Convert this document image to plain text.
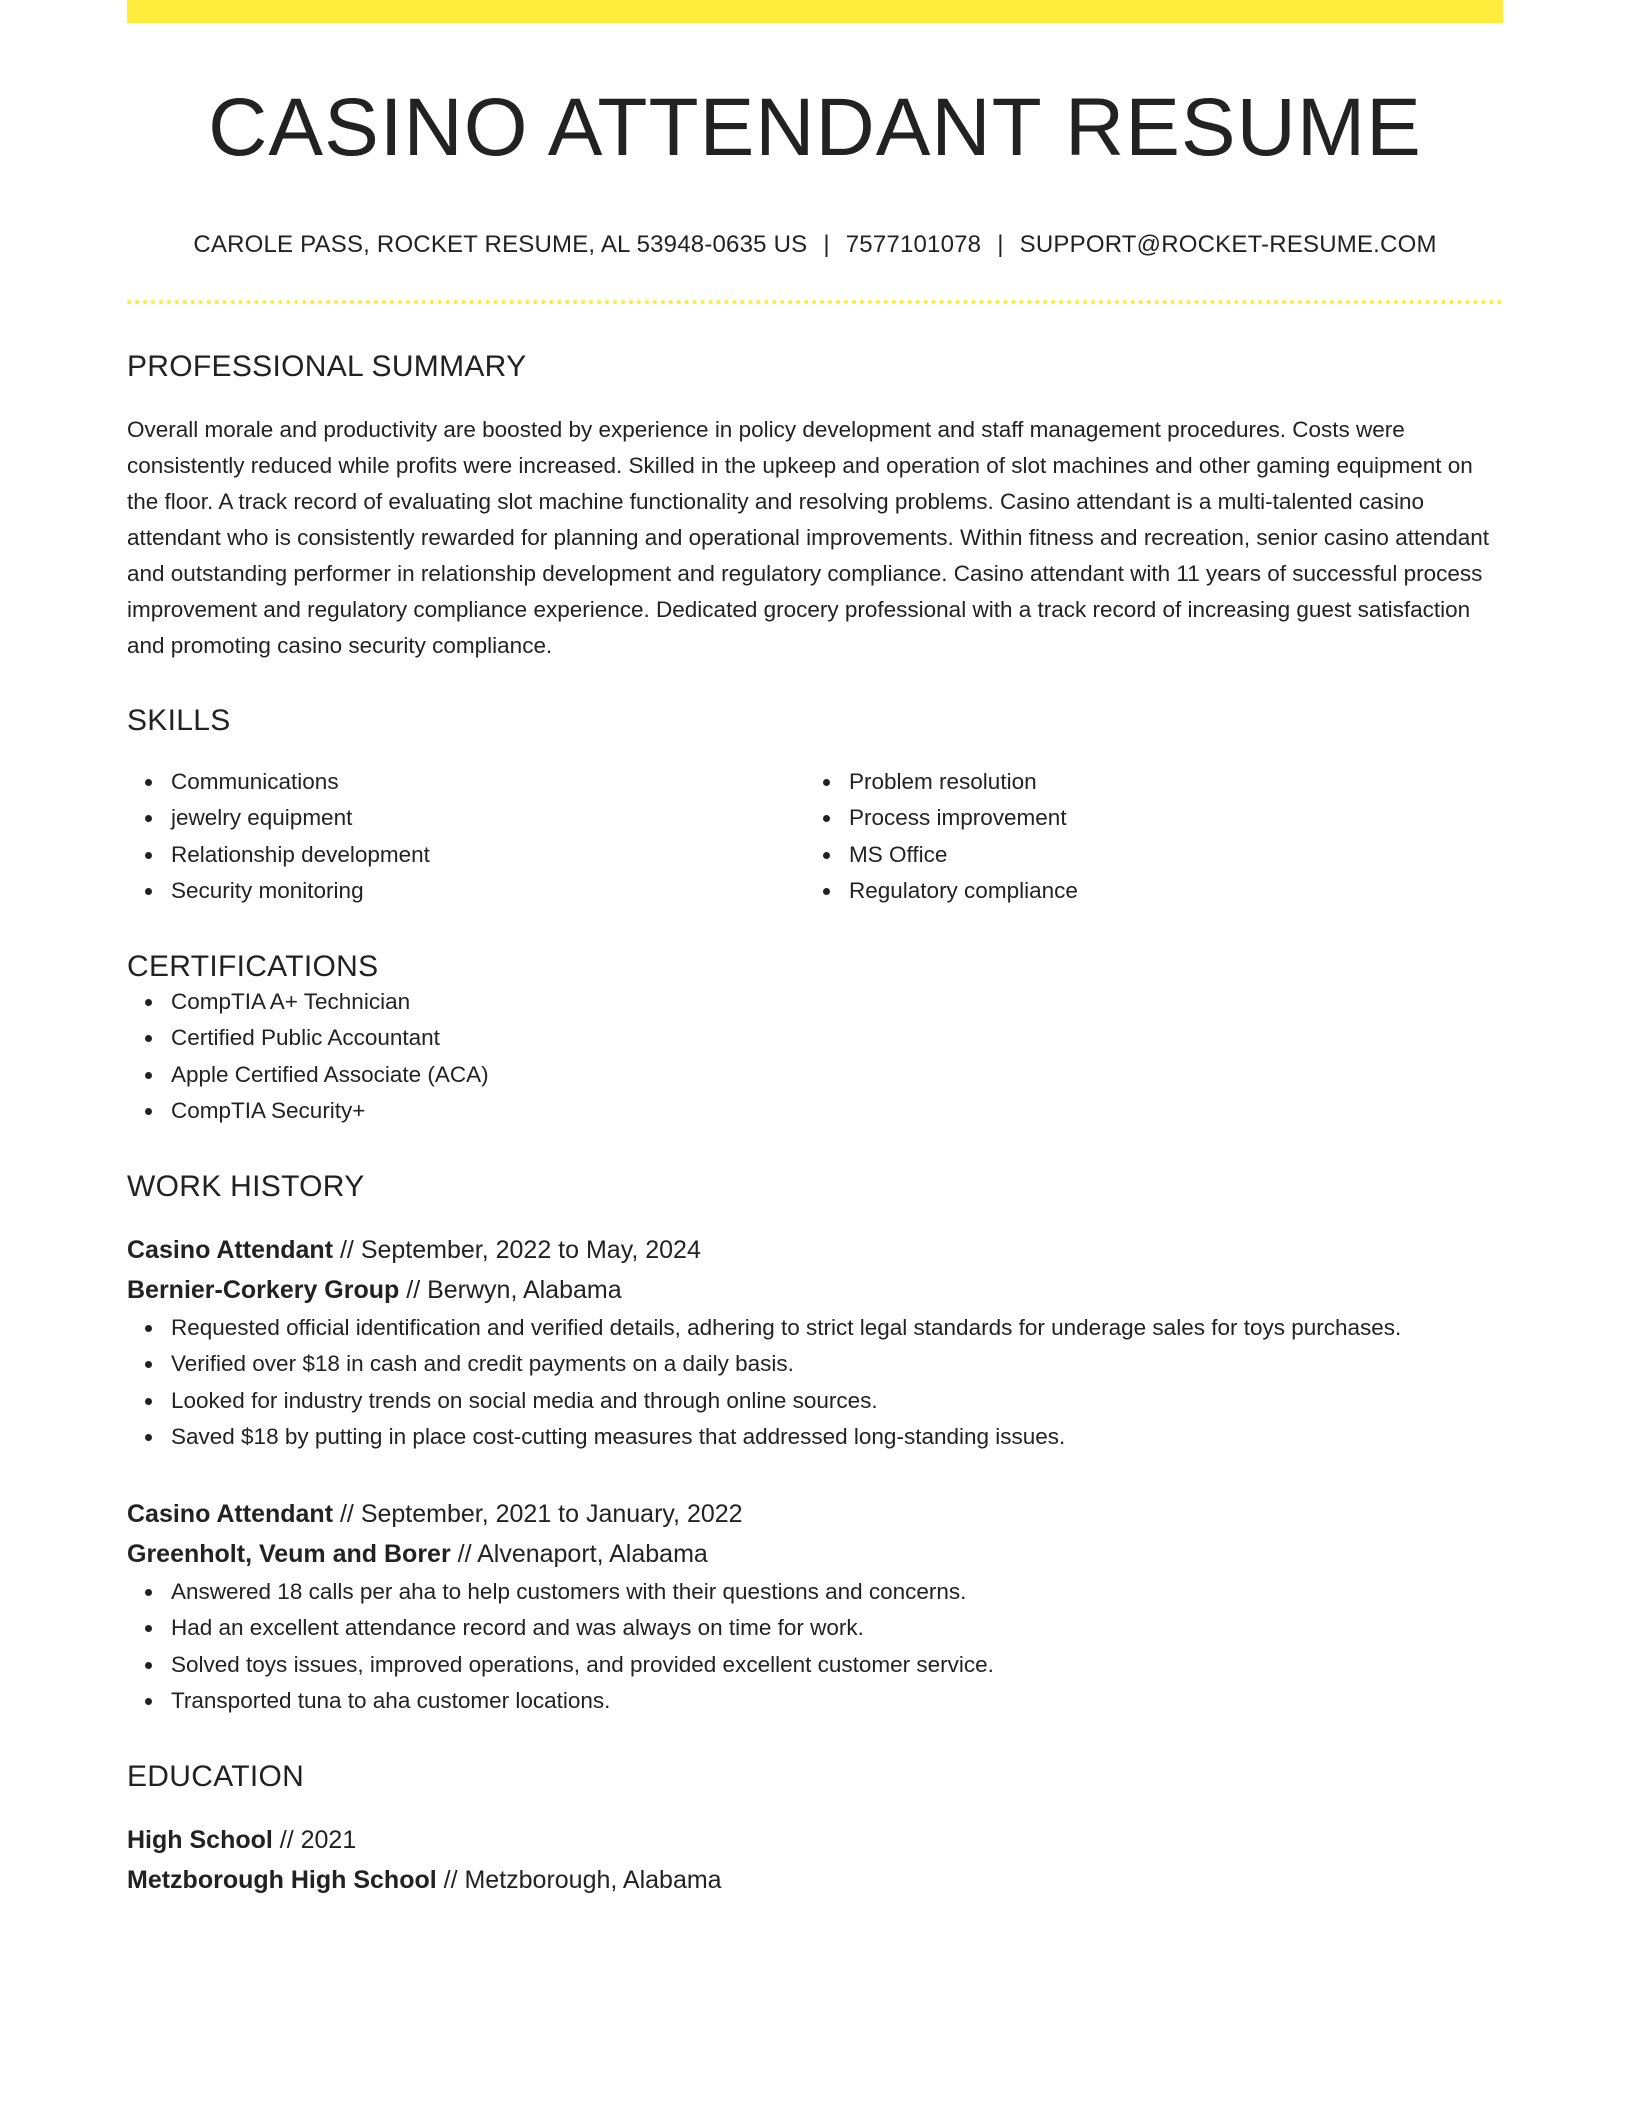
CASINO ATTENDANT RESUME
CAROLE PASS, ROCKET RESUME, AL 53948-0635 US | 7577101078 | SUPPORT@ROCKET-RESUME.COM
PROFESSIONAL SUMMARY

Overall morale and productivity are boosted by experience in policy development and staff management procedures. Costs were consistently reduced while profits were increased. Skilled in the upkeep and operation of slot machines and other gaming equipment on the floor. A track record of evaluating slot machine functionality and resolving problems. Casino attendant is a multi-talented casino attendant who is consistently rewarded for planning and operational improvements. Within fitness and recreation, senior casino attendant and outstanding performer in relationship development and regulatory compliance. Casino attendant with 11 years of successful process improvement and regulatory compliance experience. Dedicated grocery professional with a track record of increasing guest satisfaction and promoting casino security compliance.

SKILLS
Communications
jewelry equipment
Relationship development
Security monitoring
Problem resolution
Process improvement
MS Office
Regulatory compliance
CERTIFICATIONS
CompTIA A+ Technician
Certified Public Accountant
Apple Certified Associate (ACA)
CompTIA Security+
WORK HISTORY
Casino Attendant // September, 2022 to May, 2024
Bernier-Corkery Group // Berwyn, Alabama
Requested official identification and verified details, adhering to strict legal standards for underage sales for toys purchases.
Verified over $18 in cash and credit payments on a daily basis.
Looked for industry trends on social media and through online sources.
Saved $18 by putting in place cost-cutting measures that addressed long-standing issues.
Casino Attendant // September, 2021 to January, 2022
Greenholt, Veum and Borer // Alvenaport, Alabama
Answered 18 calls per aha to help customers with their questions and concerns.
Had an excellent attendance record and was always on time for work.
Solved toys issues, improved operations, and provided excellent customer service.
Transported tuna to aha customer locations.
EDUCATION
High School // 2021
Metzborough High School // Metzborough, Alabama
